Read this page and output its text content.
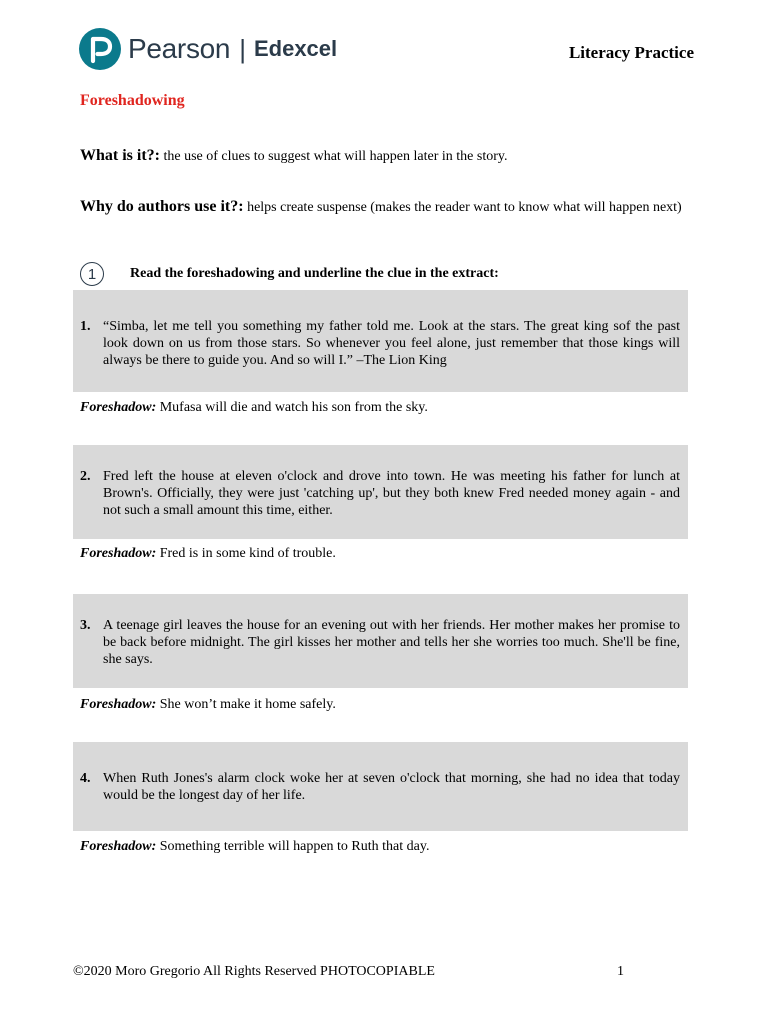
Pearson | Edexcel	Literacy Practice
Foreshadowing
What is it?: the use of clues to suggest what will happen later in the story.
Why do authors use it?: helps create suspense (makes the reader want to know what will happen next)
1	Read the foreshadowing and underline the clue in the extract:
1. “Simba, let me tell you something my father told me. Look at the stars. The great king sof the past look down on us from those stars. So whenever you feel alone, just remember that those kings will always be there to guide you. And so will I.” –The Lion King
Foreshadow: Mufasa will die and watch his son from the sky.
2. Fred left the house at eleven o'clock and drove into town. He was meeting his father for lunch at Brown's. Officially, they were just 'catching up', but they both knew Fred needed money again - and not such a small amount this time, either.
Foreshadow: Fred is in some kind of trouble.
3. A teenage girl leaves the house for an evening out with her friends. Her mother makes her promise to be back before midnight. The girl kisses her mother and tells her she worries too much. She'll be fine, she says.
Foreshadow: She won’t make it home safely.
4. When Ruth Jones's alarm clock woke her at seven o'clock that morning, she had no idea that today would be the longest day of her life.
Foreshadow: Something terrible will happen to Ruth that day.
©2020 Moro Gregorio All Rights Reserved PHOTOCOPIABLE	1
